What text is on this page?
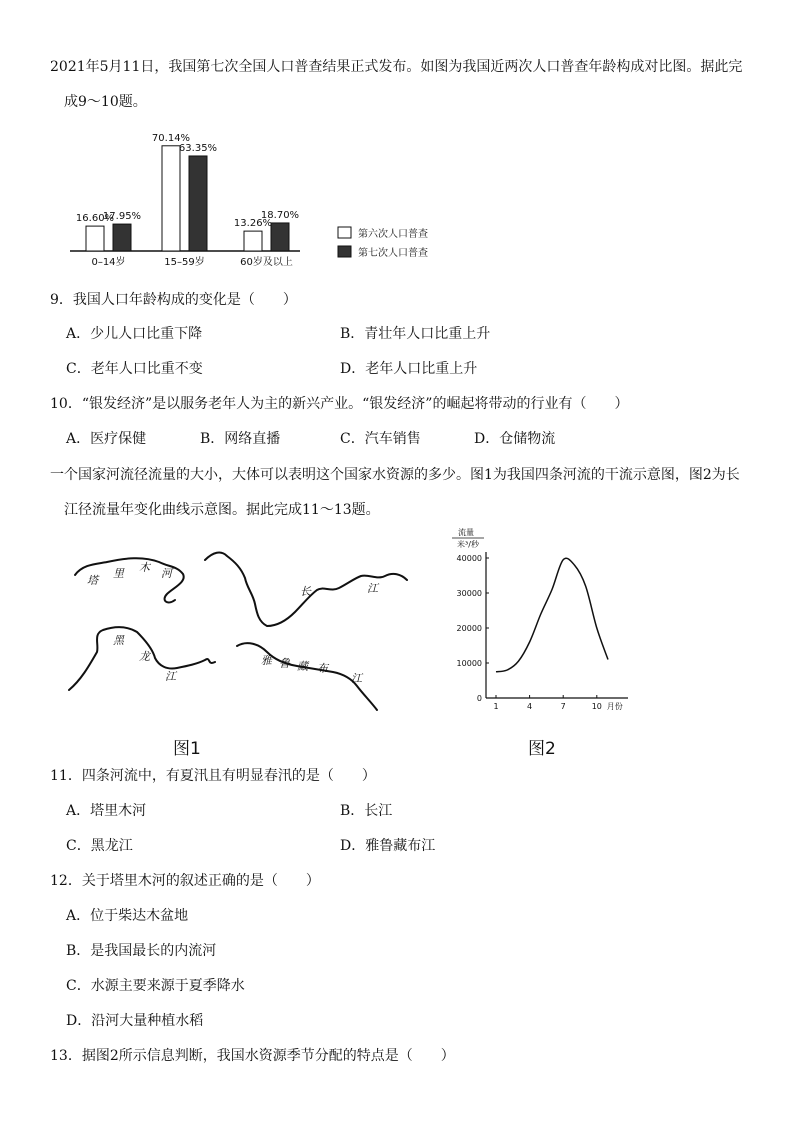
2021年5月11日，我国第七次全国人口普查结果正式发布。如图为我国近两次人口普查年龄构成对比图。据此完
成9～10题。
16.60%
17.95%
70.14%
63.35%
13.26%
18.70%
0–14岁	15–59岁	60岁及以上
第六次人口普查
第七次人口普查
9．我国人口年龄构成的变化是（　　）
A．少儿人口比重下降	B．青壮年人口比重上升
C．老年人口比重不变	D．老年人口比重上升
10．“银发经济”是以服务老年人为主的新兴产业。“银发经济”的崛起将带动的行业有（　　）
A．医疗保健	B．网络直播	C．汽车销售	D．仓储物流
一个国家河流径流量的大小，大体可以表明这个国家水资源的多少。图1为我国四条河流的干流示意图，图2为长
江径流量年变化曲线示意图。据此完成11～13题。
塔
里 木 河
长	江
黑
龙
江
雅 鲁 藏 布
江
图1
流量
米³/秒
40000
30000
20000
10000
0
1	4	7	10 月份
图2
11．四条河流中，有夏汛且有明显春汛的是（　　）
A．塔里木河	B．长江
C．黑龙江	D．雅鲁藏布江
12．关于塔里木河的叙述正确的是（　　）
A．位于柴达木盆地
B．是我国最长的内流河
C．水源主要来源于夏季降水
D．沿河大量种植水稻
13．据图2所示信息判断，我国水资源季节分配的特点是（　　）
